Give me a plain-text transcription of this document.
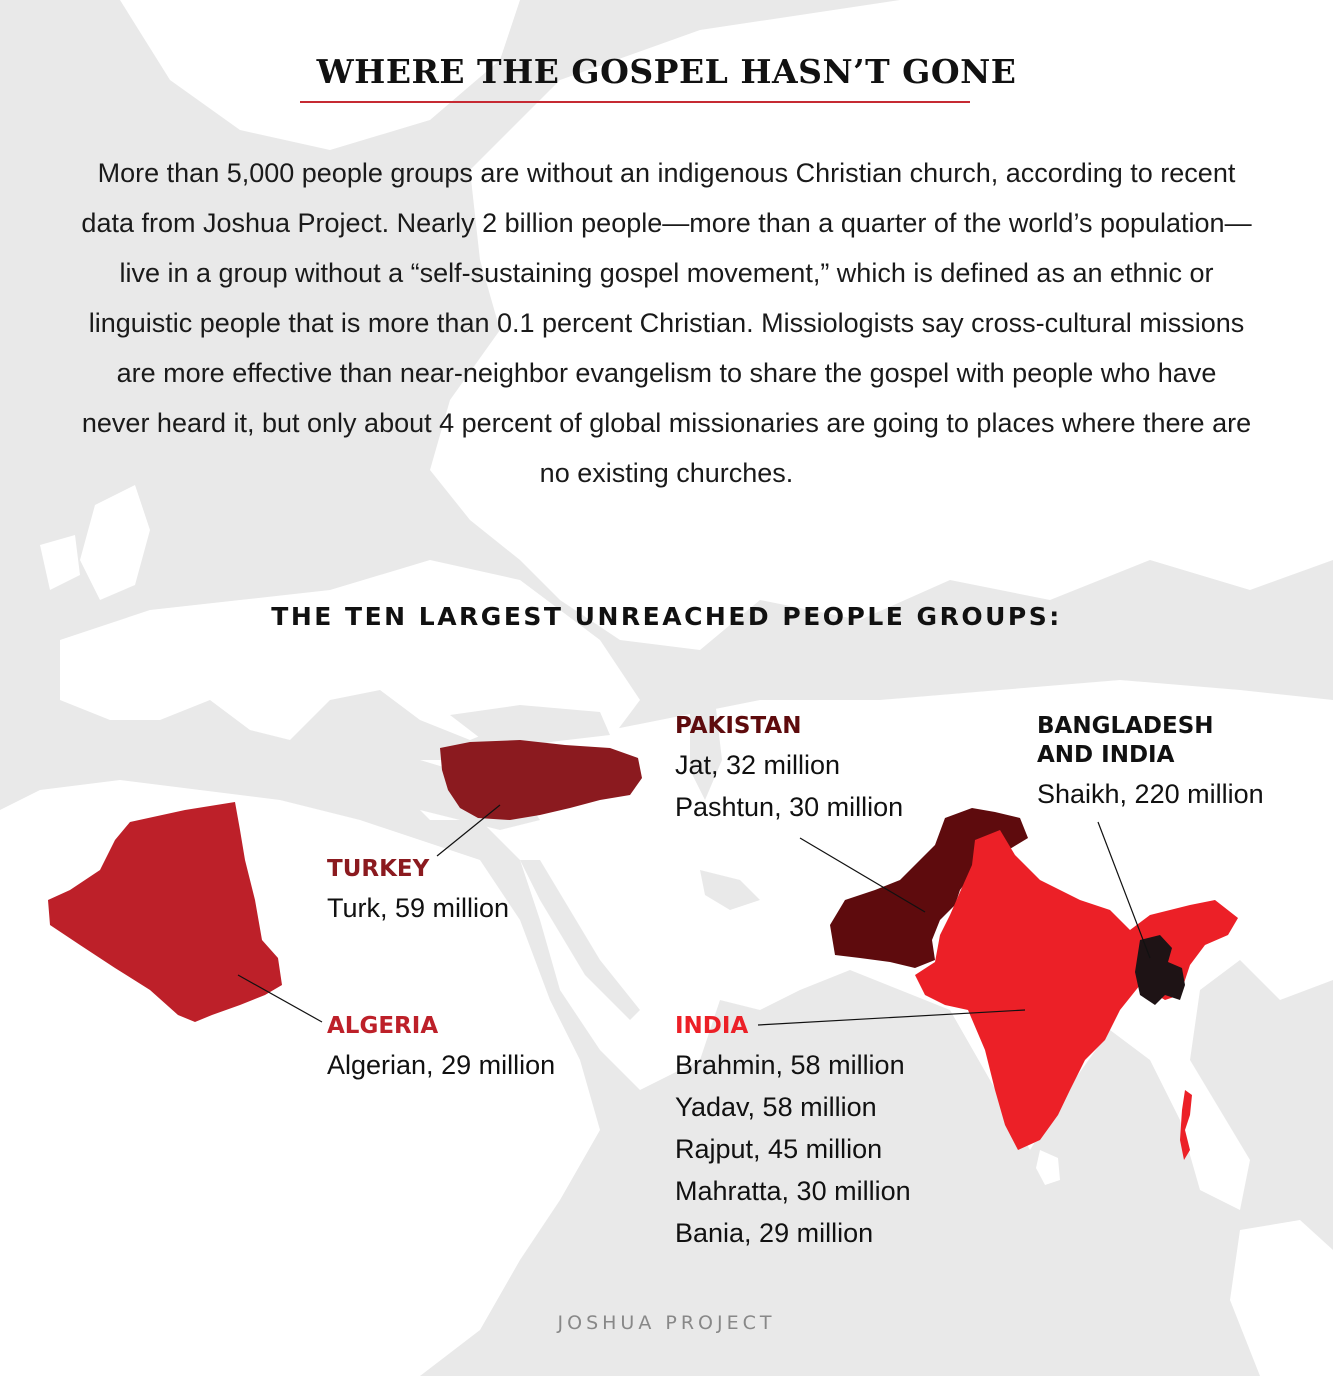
WHERE THE GOSPEL HASN’T GONE

More than 5,000 people groups are without an indigenous Christian church, according to recent data from Joshua Project. Nearly 2 billion people—more than a quarter of the world’s population—live in a group without a “self-sustaining gospel movement,” which is defined as an ethnic or linguistic people that is more than 0.1 percent Christian. Missiologists say cross-cultural missions are more effective than near-neighbor evangelism to share the gospel with people who have never heard it, but only about 4 percent of global missionaries are going to places where there are no existing churches.

THE TEN LARGEST UNREACHED PEOPLE GROUPS:
PAKISTAN
Jat, 32 million
Pashtun, 30 million
BANGLADESH AND INDIA
Shaikh, 220 million
TURKEY
Turk, 59 million
ALGERIA
Algerian, 29 million
INDIA
Brahmin, 58 million
Yadav, 58 million
Rajput, 45 million
Mahratta, 30 million
Bania, 29 million
JOSHUA PROJECT
